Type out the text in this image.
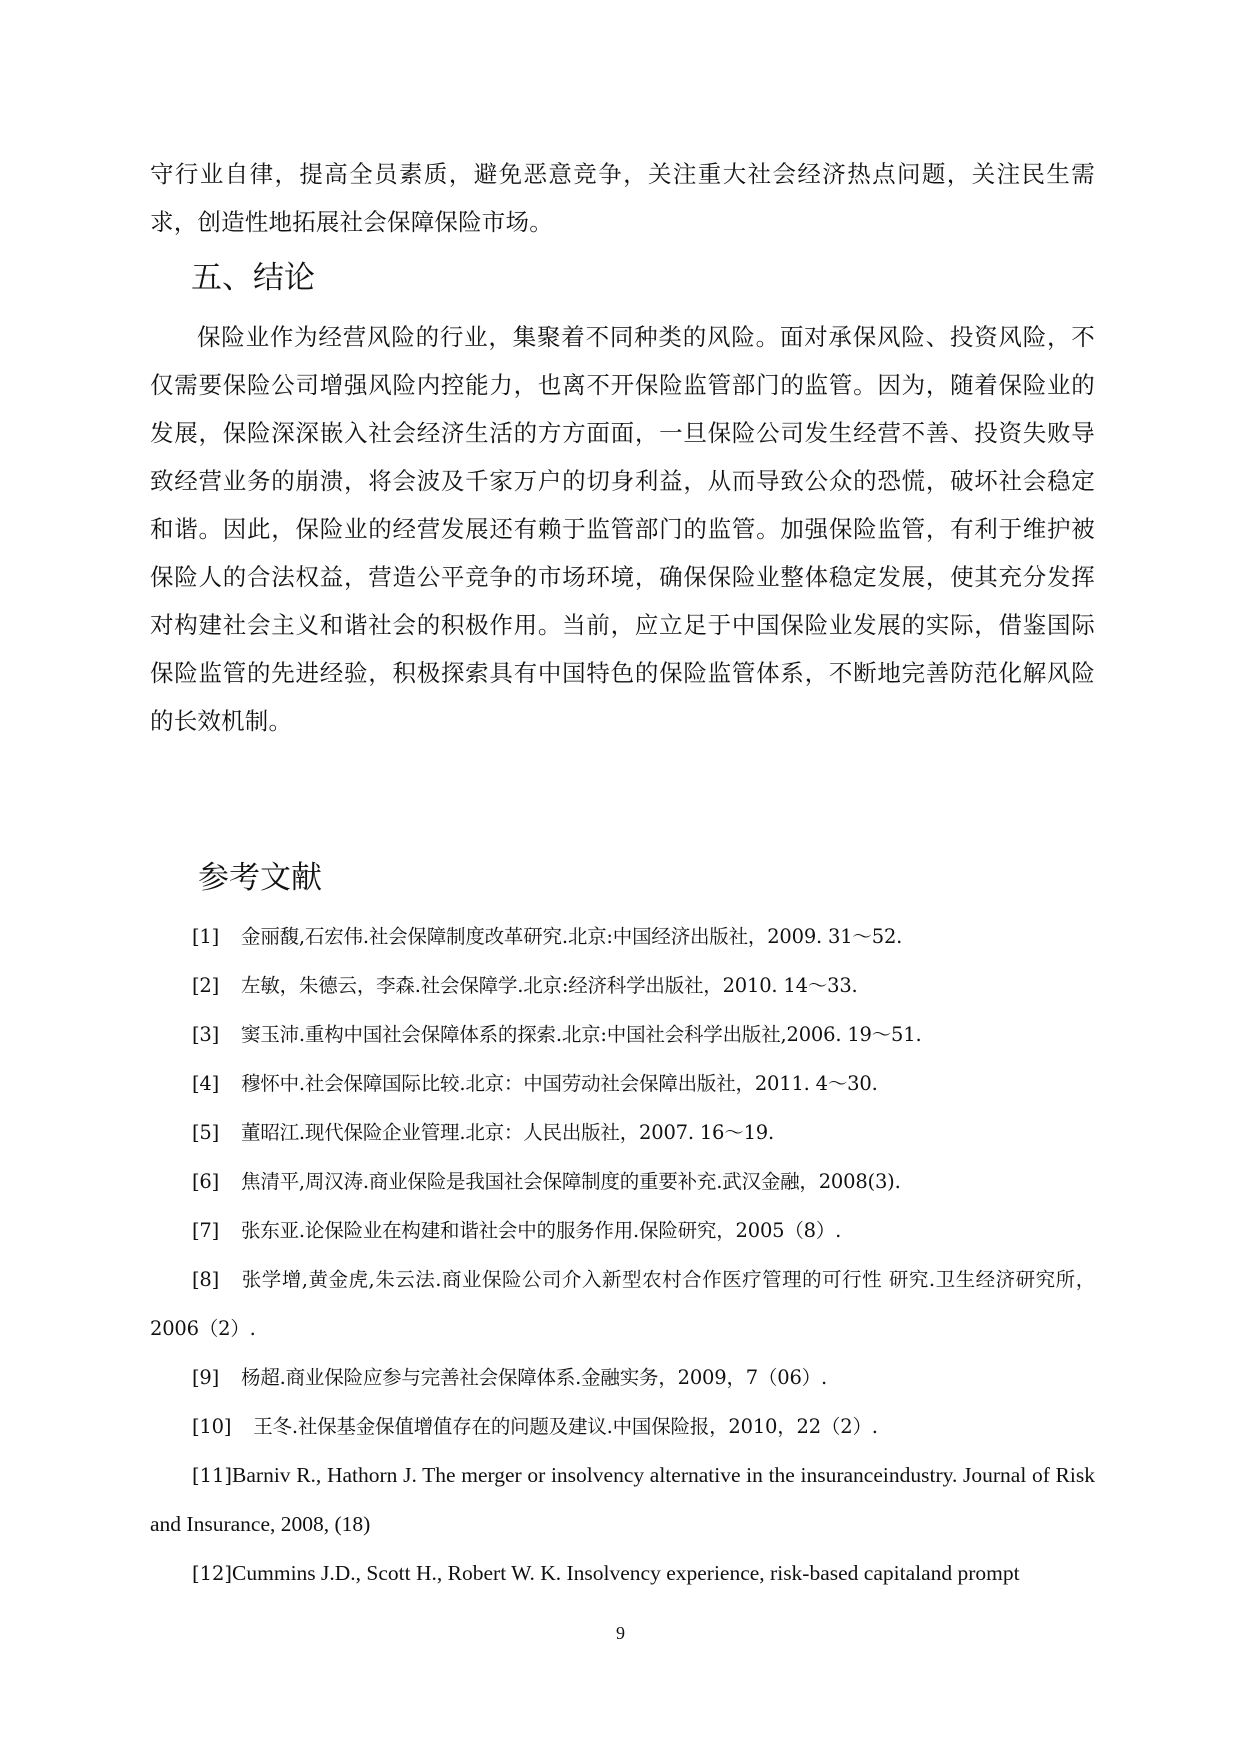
守行业自律，提高全员素质，避免恶意竞争，关注重大社会经济热点问题，关注民生需求，创造性地拓展社会保障保险市场。

五、结论

保险业作为经营风险的行业，集聚着不同种类的风险。面对承保风险、投资风险，不仅需要保险公司增强风险内控能力，也离不开保险监管部门的监管。因为，随着保险业的发展，保险深深嵌入社会经济生活的方方面面，一旦保险公司发生经营不善、投资失败导致经营业务的崩溃，将会波及千家万户的切身利益，从而导致公众的恐慌，破坏社会稳定和谐。因此，保险业的经营发展还有赖于监管部门的监管。加强保险监管，有利于维护被保险人的合法权益，营造公平竞争的市场环境，确保保险业整体稳定发展，使其充分发挥对构建社会主义和谐社会的积极作用。当前，应立足于中国保险业发展的实际，借鉴国际保险监管的先进经验，积极探索具有中国特色的保险监管体系，不断地完善防范化解风险的长效机制。

参考文献
[1] 金丽馥,石宏伟.社会保障制度改革研究.北京:中国经济出版社，2009. 31～52.
[2] 左敏，朱德云，李森.社会保障学.北京:经济科学出版社，2010. 14～33.
[3] 窦玉沛.重构中国社会保障体系的探索.北京:中国社会科学出版社,2006. 19～51.
[4] 穆怀中.社会保障国际比较.北京：中国劳动社会保障出版社，2011. 4～30.
[5] 董昭江.现代保险企业管理.北京：人民出版社，2007. 16～19.
[6] 焦清平,周汉涛.商业保险是我国社会保障制度的重要补充.武汉金融，2008(3).
[7] 张东亚.论保险业在构建和谐社会中的服务作用.保险研究，2005（8）.
[8] 张学增,黄金虎,朱云法.商业保险公司介入新型农村合作医疗管理的可行性 研究.卫生经济研究所，2006（2）.
[9] 杨超.商业保险应参与完善社会保障体系.金融实务，2009，7（06）.
[10] 王冬.社保基金保值增值存在的问题及建议.中国保险报，2010，22（2）.
[11]Barniv R., Hathorn J. The merger or insolvency alternative in the insuranceindustry. Journal of Risk and Insurance, 2008, (18)
[12]Cummins J.D., Scott H., Robert W. K. Insolvency experience, risk-based capitaland prompt
9
